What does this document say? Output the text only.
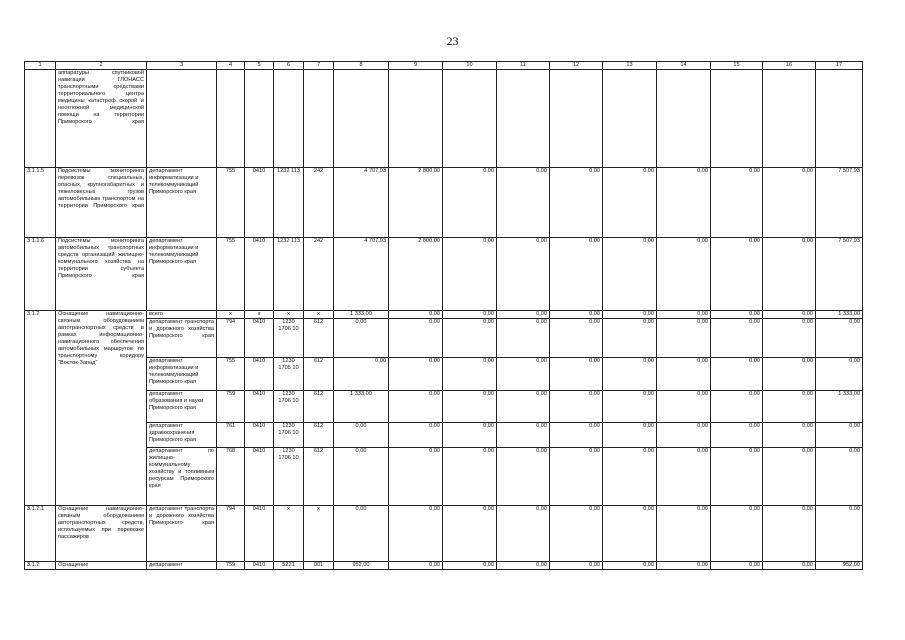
23
1	2	3	4	5	6	7	8	9	10	11	12	13	14	15	16	17
	аппаратуры спутниковой навигации ГЛОНАСС транспортными средствами территориального центра медицины катастроф скорой и неотложной медицинской помощи на территории Приморского края															
3.1.1.5	Подсистемы мониторинга перевозок специальных, опасных, крупногабаритных и тяжеловесных грузов автомобильным транспортом на территории Приморского края	департамент информатизации и телекоммуникаций Приморского края	755	0410	1232 113	242	4 707,93	2 800,00	0,00	0,00	0,00	0,00	0,00	0,00	0,00	7 507,93
3.1.1.6	Подсистемы мониторинга автомобильных транспортных средств организаций жилищно-коммунального хозяйства на территории субъекта Приморского края	департамент информатизации и телекоммуникаций Приморского края	755	0410	1232 113	242	4 707,93	2 800,00	0,00	0,00	0,00	0,00	0,00	0,00	0,00	7 507,93
3.1.2	Оснащение навигационно-связным оборудованием автотранспортных средств в рамках информационно-навигационного обеспечения автомобильных маршрутов по транспортному коридору "Восток-Запад"	всего	х	х	х	х	1 333,00	0,00	0,00	0,00	0,00	0,00	0,00	0,00	0,00	1 333,00
		департамент транспорта и дорожного хозяйства Приморского края	794	0410	1230 1706 10	612	0,00	0,00	0,00	0,00	0,00	0,00	0,00	0,00	0,00	0,00
		департамент информатизации и телекоммуникаций Приморского края	755	0410	1230 1705 10	612	0,00	0,00	0,00	0,00	0,00	0,00	0,00	0,00	0,00	0,00
		департамент образования и науки Приморского края	759	0410	1230 1706 10	612	1 333,00	0,00	0,00	0,00	0,00	0,00	0,00	0,00	0,00	1 333,00
		департамент здравоохранения Приморского края	761	0410	1230 1706 10	612	0,00	0,00	0,00	0,00	0,00	0,00	0,00	0,00	0,00	0,00
		департамент по жилищно-коммунальному хозяйству и топливным ресурсам Приморского края	768	0410	1230 1706 10	612	0,00	0,00	0,00	0,00	0,00	0,00	0,00	0,00	0,00	0,00
3.1.2.1	Оснащение навигационно-связным оборудованием автотранспортных средств, используемых при перевозке пассажиров	департамент транспорта и дорожного хозяйства Приморского края	794	0410	х	х	0,00	0,00	0,00	0,00	0,00	0,00	0,00	0,00	0,00	0,00
3.1.2	Оснащение	департамент	759	0410	5221	001	952,00	0,00	0,00	0,00	0,00	0,00	0,00	0,00	0,00	952,00
